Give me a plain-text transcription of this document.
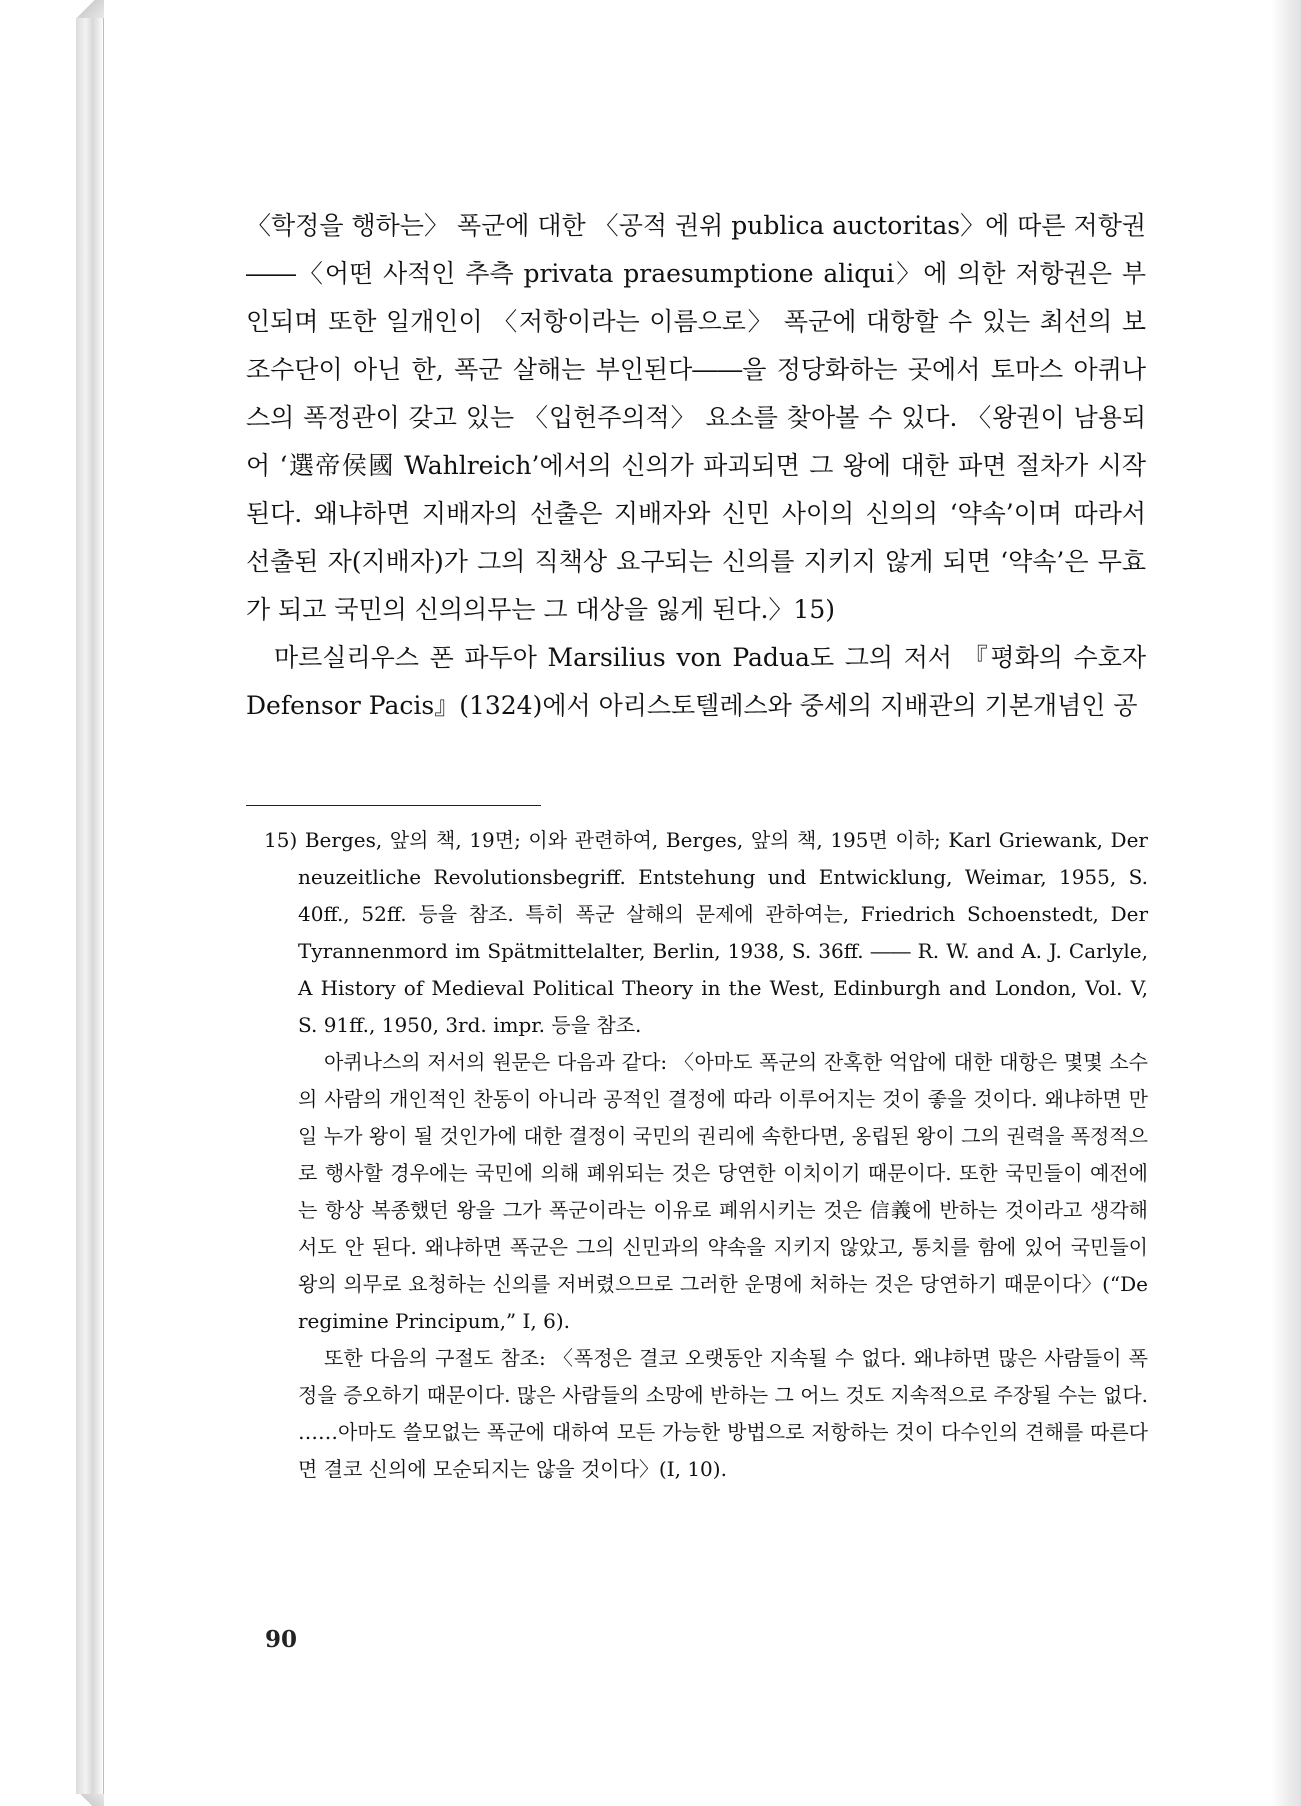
〈학정을 행하는〉 폭군에 대한 〈공적 권위 publica auctoritas〉에 따른 저항권 ――〈어떤 사적인 추측 privata praesumptione aliqui〉에 의한 저항권은 부인되며 또한 일개인이 〈저항이라는 이름으로〉 폭군에 대항할 수 있는 최선의 보조수단이 아닌 한, 폭군 살해는 부인된다――을 정당화하는 곳에서 토마스 아퀴나스의 폭정관이 갖고 있는 〈입헌주의적〉 요소를 찾아볼 수 있다. 〈왕권이 남용되어 ‘選帝侯國 Wahlreich’에서의 신의가 파괴되면 그 왕에 대한 파면 절차가 시작된다. 왜냐하면 지배자의 선출은 지배자와 신민 사이의 신의의 ‘약속’이며 따라서 선출된 자(지배자)가 그의 직책상 요구되는 신의를 지키지 않게 되면 ‘약속’은 무효가 되고 국민의 신의의무는 그 대상을 잃게 된다.〉15)

마르실리우스 폰 파두아 Marsilius von Padua도 그의 저서 『평화의 수호자 Defensor Pacis』(1324)에서 아리스토텔레스와 중세의 지배관의 기본개념인 공

15) Berges, 앞의 책, 19면; 이와 관련하여, Berges, 앞의 책, 195면 이하; Karl Griewank, Der neuzeitliche Revolutionsbegriff. Entstehung und Entwicklung, Weimar, 1955, S. 40ff., 52ff. 등을 참조. 특히 폭군 살해의 문제에 관하여는, Friedrich Schoenstedt, Der Tyrannenmord im Spätmittelalter, Berlin, 1938, S. 36ff. ―― R. W. and A. J. Carlyle, A History of Medieval Political Theory in the West, Edinburgh and London, Vol. V, S. 91ff., 1950, 3rd. impr. 등을 참조.

아퀴나스의 저서의 원문은 다음과 같다: 〈아마도 폭군의 잔혹한 억압에 대한 대항은 몇몇 소수의 사람의 개인적인 찬동이 아니라 공적인 결정에 따라 이루어지는 것이 좋을 것이다. 왜냐하면 만일 누가 왕이 될 것인가에 대한 결정이 국민의 권리에 속한다면, 옹립된 왕이 그의 권력을 폭정적으로 행사할 경우에는 국민에 의해 폐위되는 것은 당연한 이치이기 때문이다. 또한 국민들이 예전에는 항상 복종했던 왕을 그가 폭군이라는 이유로 폐위시키는 것은 信義에 반하는 것이라고 생각해서도 안 된다. 왜냐하면 폭군은 그의 신민과의 약속을 지키지 않았고, 통치를 함에 있어 국민들이 왕의 의무로 요청하는 신의를 저버렸으므로 그러한 운명에 처하는 것은 당연하기 때문이다〉(“De regimine Principum,” I, 6).

또한 다음의 구절도 참조: 〈폭정은 결코 오랫동안 지속될 수 없다. 왜냐하면 많은 사람들이 폭정을 증오하기 때문이다. 많은 사람들의 소망에 반하는 그 어느 것도 지속적으로 주장될 수는 없다. ……아마도 쓸모없는 폭군에 대하여 모든 가능한 방법으로 저항하는 것이 다수인의 견해를 따른다면 결코 신의에 모순되지는 않을 것이다〉(I, 10).

90
